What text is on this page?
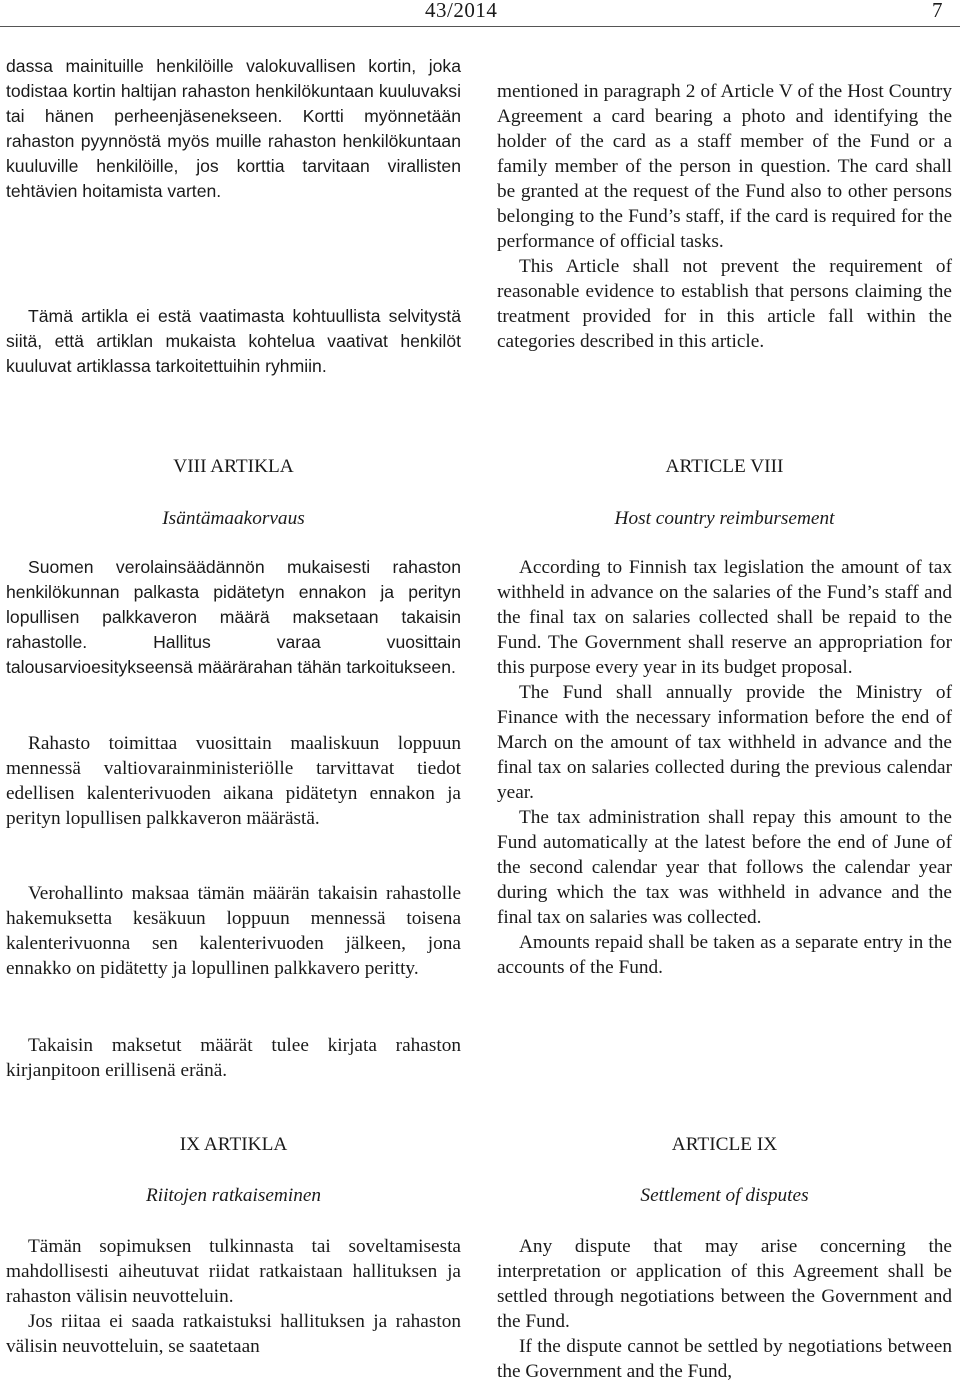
43/2014	7

dassa mainituille henkilöille valokuvallisen kortin, joka todistaa kortin haltijan rahaston henkilökuntaan kuuluvaksi tai hänen perheenjäsenekseen. Kortti myönnetään rahaston pyynnöstä myös muille rahaston henkilökuntaan kuuluville henkilöille, jos korttia tarvitaan virallisten tehtävien hoitamista varten.

Tämä artikla ei estä vaatimasta kohtuullista selvitystä siitä, että artiklan mukaista kohtelua vaativat henkilöt kuuluvat artiklassa tarkoitettuihin ryhmiin.

VIII ARTIKLA

Isäntämaakorvaus

Suomen verolainsäädännön mukaisesti rahaston henkilökunnan palkasta pidätetyn ennakon ja perityn lopullisen palkkaveron määrä maksetaan takaisin rahastolle. Hallitus varaa vuosittain talousarvioesitykseensä määrärahan tähän tarkoitukseen.

Rahasto toimittaa vuosittain maaliskuun loppuun mennessä valtiovarainministeriölle tarvittavat tiedot edellisen kalenterivuoden aikana pidätetyn ennakon ja perityn lopullisen palkkaveron määrästä.

Verohallinto maksaa tämän määrän takaisin rahastolle hakemuksetta kesäkuun loppuun mennessä toisena kalenterivuonna sen kalenterivuoden jälkeen, jona ennakko on pidätetty ja lopullinen palkkavero peritty.

Takaisin maksetut määrät tulee kirjata rahaston kirjanpitoon erillisenä eränä.

IX ARTIKLA

Riitojen ratkaiseminen

Tämän sopimuksen tulkinnasta tai soveltamisesta mahdollisesti aiheutuvat riidat ratkaistaan hallituksen ja rahaston välisin neuvotteluin.

Jos riitaa ei saada ratkaistuksi hallituksen ja rahaston välisin neuvotteluin, se saatetaan

mentioned in paragraph 2 of Article V of the Host Country Agreement a card bearing a photo and identifying the holder of the card as a staff member of the Fund or a family member of the person in question. The card shall be granted at the request of the Fund also to other persons belonging to the Fund’s staff, if the card is required for the performance of official tasks.

This Article shall not prevent the requirement of reasonable evidence to establish that persons claiming the treatment provided for in this article fall within the categories described in this article.

ARTICLE VIII

Host country reimbursement

According to Finnish tax legislation the amount of tax withheld in advance on the salaries of the Fund’s staff and the final tax on salaries collected shall be repaid to the Fund. The Government shall reserve an appropriation for this purpose every year in its budget proposal.

The Fund shall annually provide the Ministry of Finance with the necessary information before the end of March on the amount of tax withheld in advance and the final tax on salaries collected during the previous calendar year.

The tax administration shall repay this amount to the Fund automatically at the latest before the end of June of the second calendar year that follows the calendar year during which the tax was withheld in advance and the final tax on salaries was collected.

Amounts repaid shall be taken as a separate entry in the accounts of the Fund.

ARTICLE IX

Settlement of disputes

Any dispute that may arise concerning the interpretation or application of this Agreement shall be settled through negotiations between the Government and the Fund.

If the dispute cannot be settled by negotiations between the Government and the Fund,
